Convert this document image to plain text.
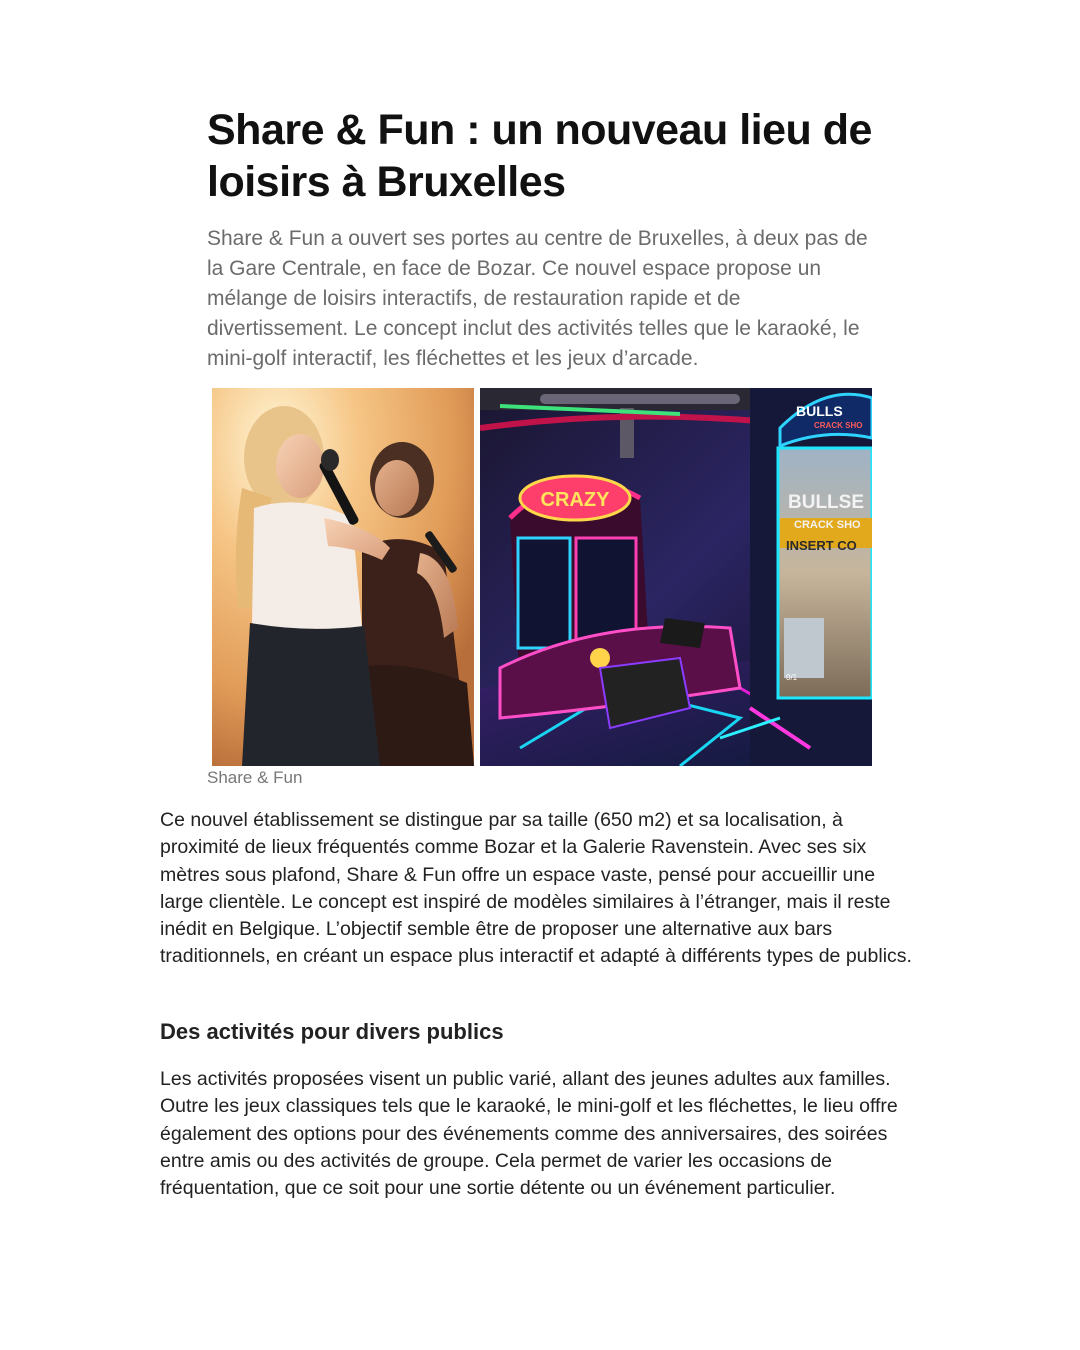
Share & Fun : un nouveau lieu de loisirs à Bruxelles

Share & Fun a ouvert ses portes au centre de Bruxelles, à deux pas de la Gare Centrale, en face de Bozar. Ce nouvel espace propose un mélange de loisirs interactifs, de restauration rapide et de divertissement. Le concept inclut des activités telles que le karaoké, le mini-golf interactif, les fléchettes et les jeux d’arcade.

CRAZY	BULLSE
CRACK SHO
INSERT CO
0/1
BULLS
CRACK SHO
Share & Fun

Ce nouvel établissement se distingue par sa taille (650 m2) et sa localisation, à proximité de lieux fréquentés comme Bozar et la Galerie Ravenstein. Avec ses six mètres sous plafond, Share & Fun offre un espace vaste, pensé pour accueillir une large clientèle. Le concept est inspiré de modèles similaires à l’étranger, mais il reste inédit en Belgique. L’objectif semble être de proposer une alternative aux bars traditionnels, en créant un espace plus interactif et adapté à différents types de publics.

Des activités pour divers publics

Les activités proposées visent un public varié, allant des jeunes adultes aux familles. Outre les jeux classiques tels que le karaoké, le mini-golf et les fléchettes, le lieu offre également des options pour des événements comme des anniversaires, des soirées entre amis ou des activités de groupe. Cela permet de varier les occasions de fréquentation, que ce soit pour une sortie détente ou un événement particulier.
